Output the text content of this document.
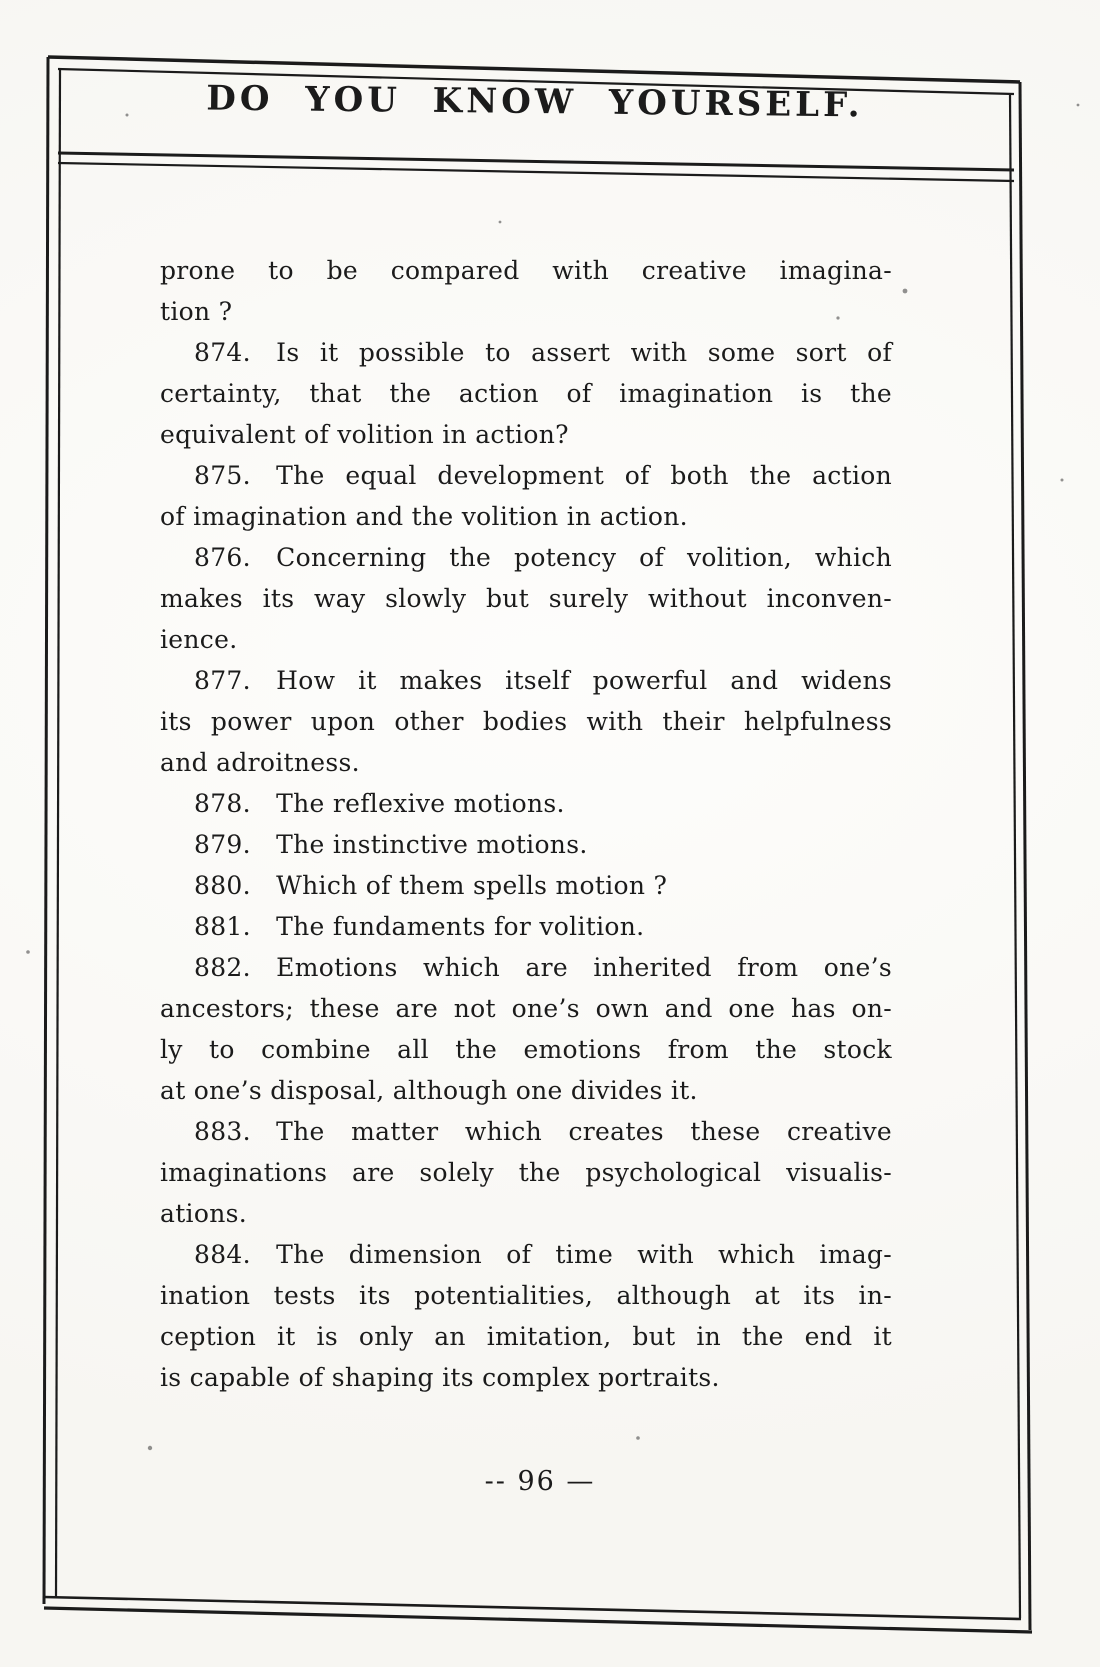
DO YOU KNOW YOURSELF.
prone to be compared with creative imagina-
tion ?
874. Is it possible to assert with some sort of
certainty, that the action of imagination is the
equivalent of volition in action?
875. The equal development of both the action
of imagination and the volition in action.
876. Concerning the potency of volition, which
makes its way slowly but surely without inconven-
ience.
877. How it makes itself powerful and widens
its power upon other bodies with their helpfulness
and adroitness.
878. The reflexive motions.
879. The instinctive motions.
880. Which of them spells motion ?
881. The fundaments for volition.
882. Emotions which are inherited from one’s
ancestors; these are not one’s own and one has on-
ly to combine all the emotions from the stock
at one’s disposal, although one divides it.
883. The matter which creates these creative
imaginations are solely the psychological visualis-
ations.
884. The dimension of time with which imag-
ination tests its potentialities, although at its in-
ception it is only an imitation, but in the end it
is capable of shaping its complex portraits.
-- 96 —
